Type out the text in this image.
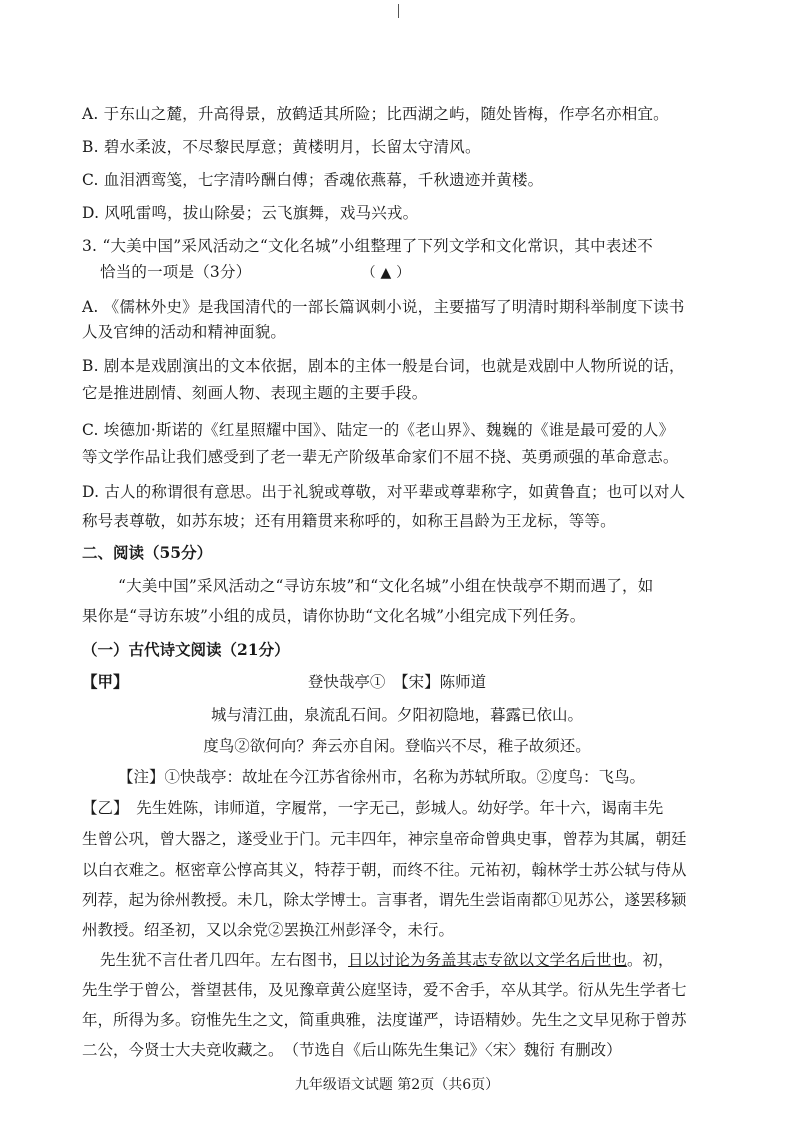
A. 于东山之麓，升高得景，放鹤适其所险；比西湖之屿，随处皆梅，作亭名亦相宜。
B. 碧水柔波，不尽黎民厚意；黄楼明月，长留太守清风。
C. 血泪洒鸾笺，七字清吟酬白傅；香魂依燕幕，千秋遗迹并黄楼。
D. 风吼雷鸣，拔山除晏；云飞旗舞，戏马兴戎。
3. “大美中国”采风活动之“文化名城”小组整理了下列文学和文化常识，其中表述不
恰当的一项是（3分）	（ ▲ ）
A. 《儒林外史》是我国清代的一部长篇讽刺小说，主要描写了明清时期科举制度下读书
人及官绅的活动和精神面貌。
B. 剧本是戏剧演出的文本依据，剧本的主体一般是台词，也就是戏剧中人物所说的话，
它是推进剧情、刻画人物、表现主题的主要手段。
C. 埃德加·斯诺的《红星照耀中国》、陆定一的《老山界》、魏巍的《谁是最可爱的人》
等文学作品让我们感受到了老一辈无产阶级革命家们不屈不挠、英勇顽强的革命意志。
D. 古人的称谓很有意思。出于礼貌或尊敬，对平辈或尊辈称字，如黄鲁直；也可以对人
称号表尊敬，如苏东坡；还有用籍贯来称呼的，如称王昌龄为王龙标，等等。
二、阅读（55分）
“大美中国”采风活动之“寻访东坡”和“文化名城”小组在快哉亭不期而遇了，如
果你是“寻访东坡”小组的成员，请你协助“文化名城”小组完成下列任务。
（一）古代诗文阅读（21分）
【甲】	登快哉亭①　【宋】陈师道
城与清江曲，泉流乱石间。夕阳初隐地，暮露已依山。
度鸟②欲何向？奔云亦自闲。登临兴不尽，稚子故须还。
【注】①快哉亭：故址在今江苏省徐州市，名称为苏轼所取。②度鸟：飞鸟。
【乙】　先生姓陈，讳师道，字履常，一字无己，彭城人。幼好学。年十六，谒南丰先
生曾公巩，曾大器之，遂受业于门。元丰四年，神宗皇帝命曾典史事，曾荐为其属，朝廷
以白衣难之。枢密章公惇高其义，特荐于朝，而终不往。元祐初，翰林学士苏公轼与侍从
列荐，起为徐州教授。未几，除太学博士。言事者，谓先生尝诣南都①见苏公，遂罢移颍
州教授。绍圣初，又以余党②罢换江州彭泽令，未行。
先生犹不言仕者几四年。左右图书，日以讨论为务盖其志专欲以文学名后世也。初，
先生学于曾公，誉望甚伟，及见豫章黄公庭坚诗，爱不舍手，卒从其学。衍从先生学者七
年，所得为多。窃惟先生之文，简重典雅，法度谨严，诗语精妙。先生之文早见称于曾苏
二公，今贤士大夫竞收藏之。　（节选自《后山陈先生集记》〈宋〉魏衍 有删改）
九年级语文试题 第2页（共6页）
